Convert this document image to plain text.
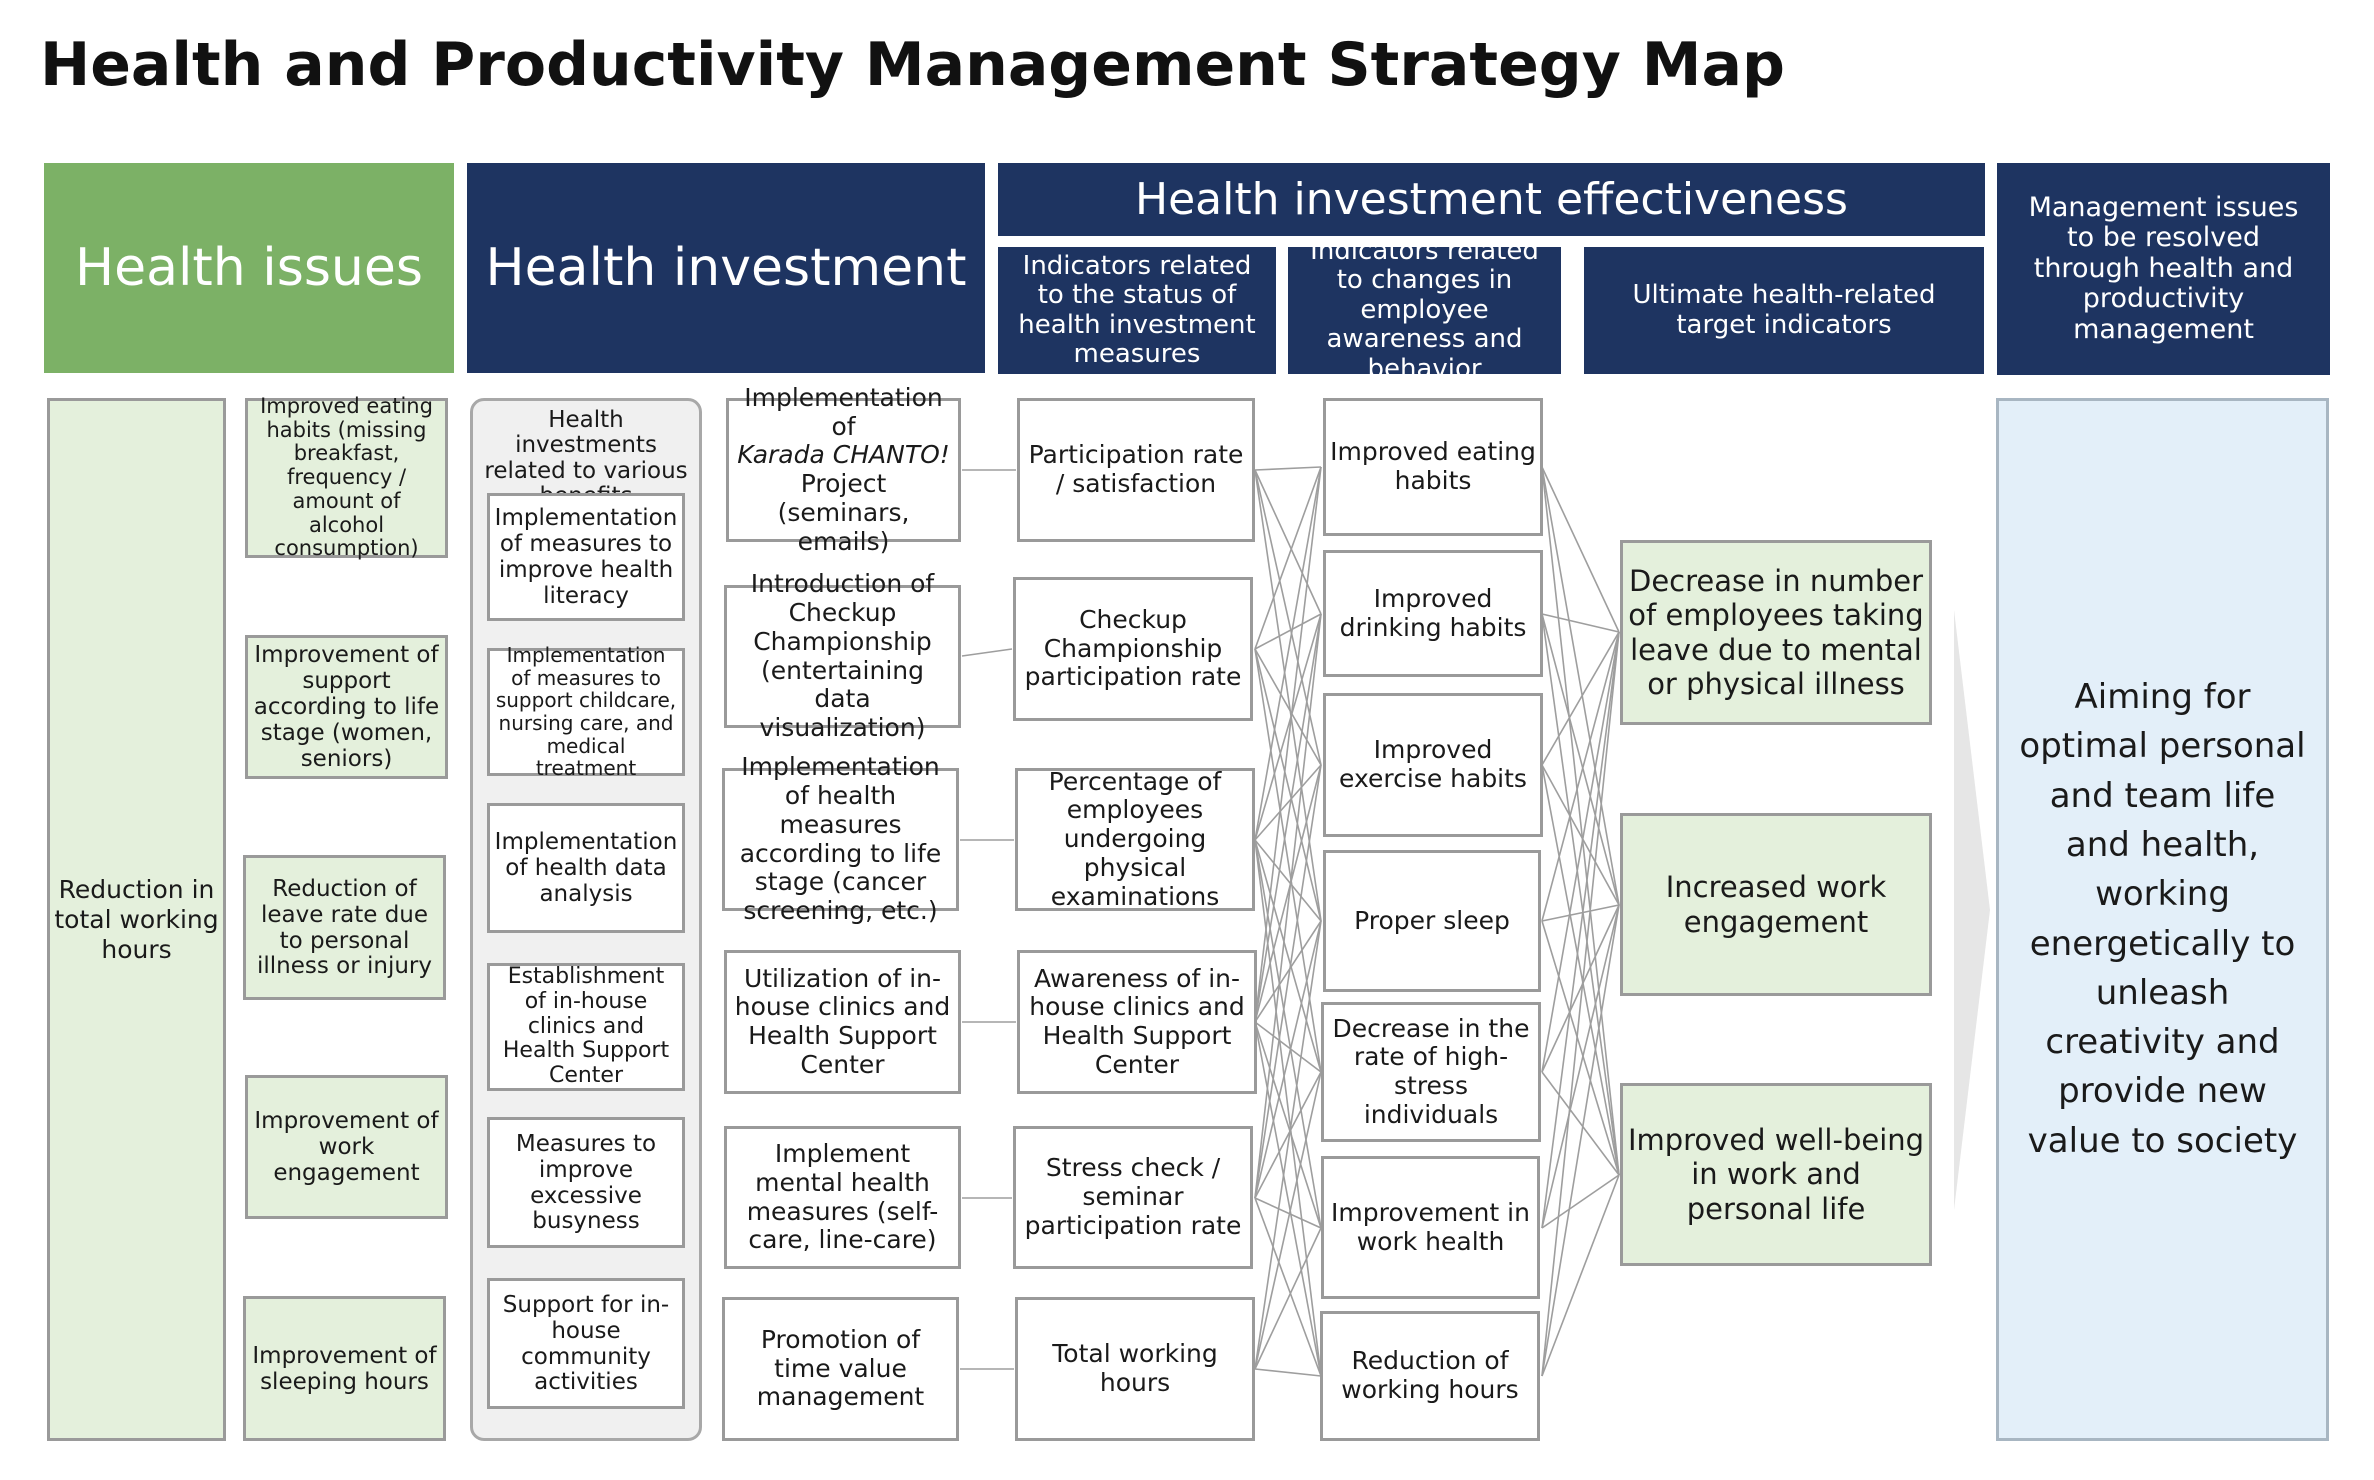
Health and Productivity Management Strategy Map
Health issues	Health investment
Health investment effectiveness
Indicators related to the status of health investment measures
Indicators related to changes in employee awareness and behavior
Ultimate health-related target indicators
Management issues to be resolved through health and productivity management
Reduction in total working hours
Improved eating habits (missing breakfast, frequency / amount of alcohol consumption)
Improvement of support according to life stage (women, seniors)
Reduction of leave rate due to personal illness or injury
Improvement of work engagement
Improvement of sleeping hours
Health investments related to various
Implementation of measures to improve health literacy
Implementation of measures to support childcare, nursing care, and medical treatment
Implementation of health data analysis
Establishment of in-house clinics and Health Support Center
Measures to improve excessive busyness
Support for in-house community activities
Implementation of
Karada CHANTO!
Project (seminars, emails)
Introduction of Checkup Championship (entertaining data visualization)
Implementation of health measures according to life stage (cancer screening, etc.)
Utilization of in-house clinics and Health Support Center
Implement mental health measures (self-care, line-care)
Promotion of time value management
Participation rate / satisfaction
Checkup Championship participation rate
Percentage of employees undergoing physical examinations
Awareness of in-house clinics and Health Support Center
Stress check / seminar participation rate
Total working hours
Improved eating habits
Improved drinking habits
Improved exercise habits
Proper sleep
Decrease in the rate of high-stress individuals
Improvement in work health
Reduction of working hours
Decrease in number of employees taking leave due to mental or physical illness
Increased work engagement
Improved well-being in work and personal life
Aiming for optimal personal and team life and health, working energetically to unleash creativity and provide new value to society
